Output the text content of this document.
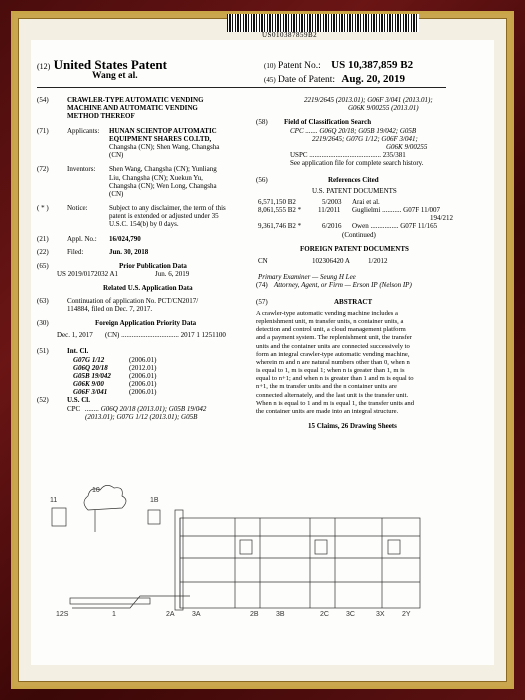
US010387859B2
(12) United States Patent
Wang et al.
(10) Patent No.: US 10,387,859 B2
(45) Date of Patent: Aug. 20, 2019
(54)	CRAWLER-TYPE AUTOMATIC VENDING
MACHINE AND AUTOMATIC VENDING
METHOD THEREOF
(71)	Applicants: HUNAN SCIENTOP AUTOMATIC
EQUIPMENT SHARES CO.LTD,
Changsha (CN); Shen Wang, Changsha
(CN)
(72)	Inventors: Shen Wang, Changsha (CN); Yunliang
Liu, Changsha (CN); Xuekun Yu,
Changsha (CN); Wen Long, Changsha
(CN)
( * )	Notice:	Subject to any disclaimer, the term of this
patent is extended or adjusted under 35
U.S.C. 154(b) by 0 days.
(21)	Appl. No.: 16/024,790
(22)	Filed:	Jun. 30, 2018
(65)	Prior Publication Data
US 2019/0172032 A1	Jun. 6, 2019
Related U.S. Application Data
(63)	Continuation of application No. PCT/CN2017/
114884, filed on Dec. 7, 2017.
(30)	Foreign Application Priority Data
Dec. 1, 2017 (CN) ................................. 2017 1 1251100
(51)	Int. Cl.
G07G 1/12	(2006.01)
G06Q 20/18	(2012.01)
G05B 19/042	(2006.01)
G06K 9/00	(2006.01)
G06F 3/041	(2006.01)
(52)	U.S. Cl.
CPC ........ G06Q 20/18 (2013.01); G05B 19/042
(2013.01); G07G 1/12 (2013.01); G05B
2219/2645 (2013.01); G06F 3/041 (2013.01);
G06K 9/00255 (2013.01)
(58) Field of Classification Search
CPC ....... G06Q 20/18; G05B 19/042; G05B
2219/2645; G07G 1/12; G06F 3/041;
G06K 9/00255
USPC ......................................... 235/381
See application file for complete search history.
(56)	References Cited
U.S. PATENT DOCUMENTS
6,571,150 B2	5/2003 Arai et al.
8,061,555 B2 * 11/2011 Guglielmi ........... G07F 11/007
194/212
9,361,746 B2 *	6/2016 Owen ................ G07F 11/165
(Continued)
FOREIGN PATENT DOCUMENTS
CN	102306420 A	1/2012
Primary Examiner — Seung H Lee
(74) Attorney, Agent, or Firm — Erson IP (Nelson IP)
(57)	ABSTRACT
A crawler-type automatic vending machine includes a
replenishment unit, m transfer units, n container units, a
detection and control unit, a cloud management platform
and a payment system. The replenishment unit, the transfer
units and the container units are connected successively to
form an integral crawler-type automatic vending machine,
wherein m and n are natural numbers other than 0, when n
is equal to 1, m is equal 1; when n is greater than 1, m is
equal to n+1; and when n is greater than 1 and m is equal to
n+1, the m transfer units and the n container units are
connected alternately, and the last unit is the transfer unit.
When n is equal to 1 and m is equal 1, the transfer units and
the container units are made into an integral structure.
15 Claims, 26 Drawing Sheets
11
10
1B
12S	1	2A 3A	2B 3B	2C 3C	3X 2Y
